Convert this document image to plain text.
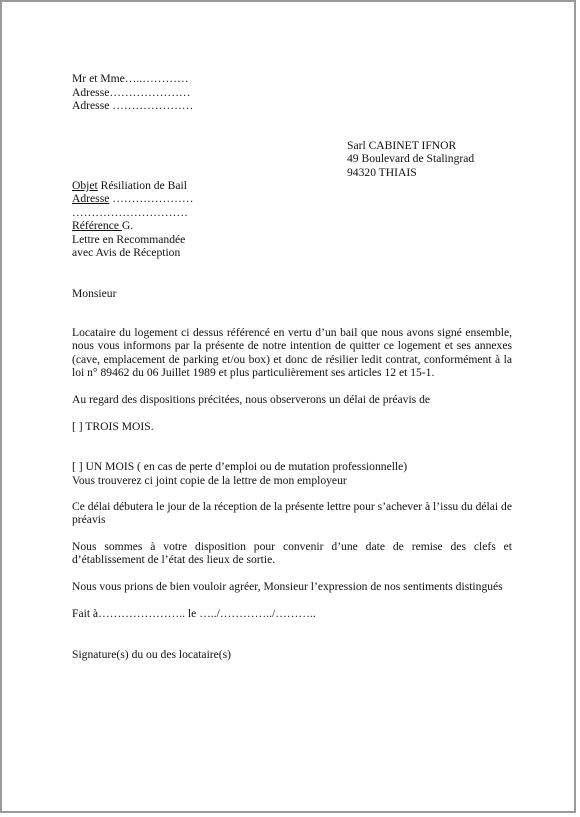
Mr et Mme…..…………
Adresse…………………
Adresse …………………
Sarl CABINET IFNOR
49 Boulevard de Stalingrad
94320 THIAIS
Objet Résiliation de Bail
Adresse …………………
…………………………
Référence G.
Lettre en Recommandée
avec Avis de Réception
Monsieur
Locataire du logement ci dessus référencé en vertu d’un bail que nous avons signé ensemble, nous vous informons par la présente de notre intention de quitter ce logement et ses annexes (cave, emplacement de parking et/ou box) et donc de résilier ledit contrat, conformément à la loi n° 89462 du 06 Juillet 1989 et plus particulièrement ses articles 12 et 15-1.
Au regard des dispositions précitées, nous observerons un délai de préavis de
[ ] TROIS MOIS.
[ ] UN MOIS ( en cas de perte d’emploi ou de mutation professionnelle)
Vous trouverez ci joint copie de la lettre de mon employeur
Ce délai débutera le jour de la réception de la présente lettre pour s’achever à l’issu du délai de préavis
Nous sommes à votre disposition pour convenir d’une date de remise des clefs et d’établissement de l’état des lieux de sortie.
Nous vous prions de bien vouloir agréer, Monsieur l’expression de nos sentiments distingués
Fait à………………….. le …../…………../………..
Signature(s) du ou des locataire(s)
